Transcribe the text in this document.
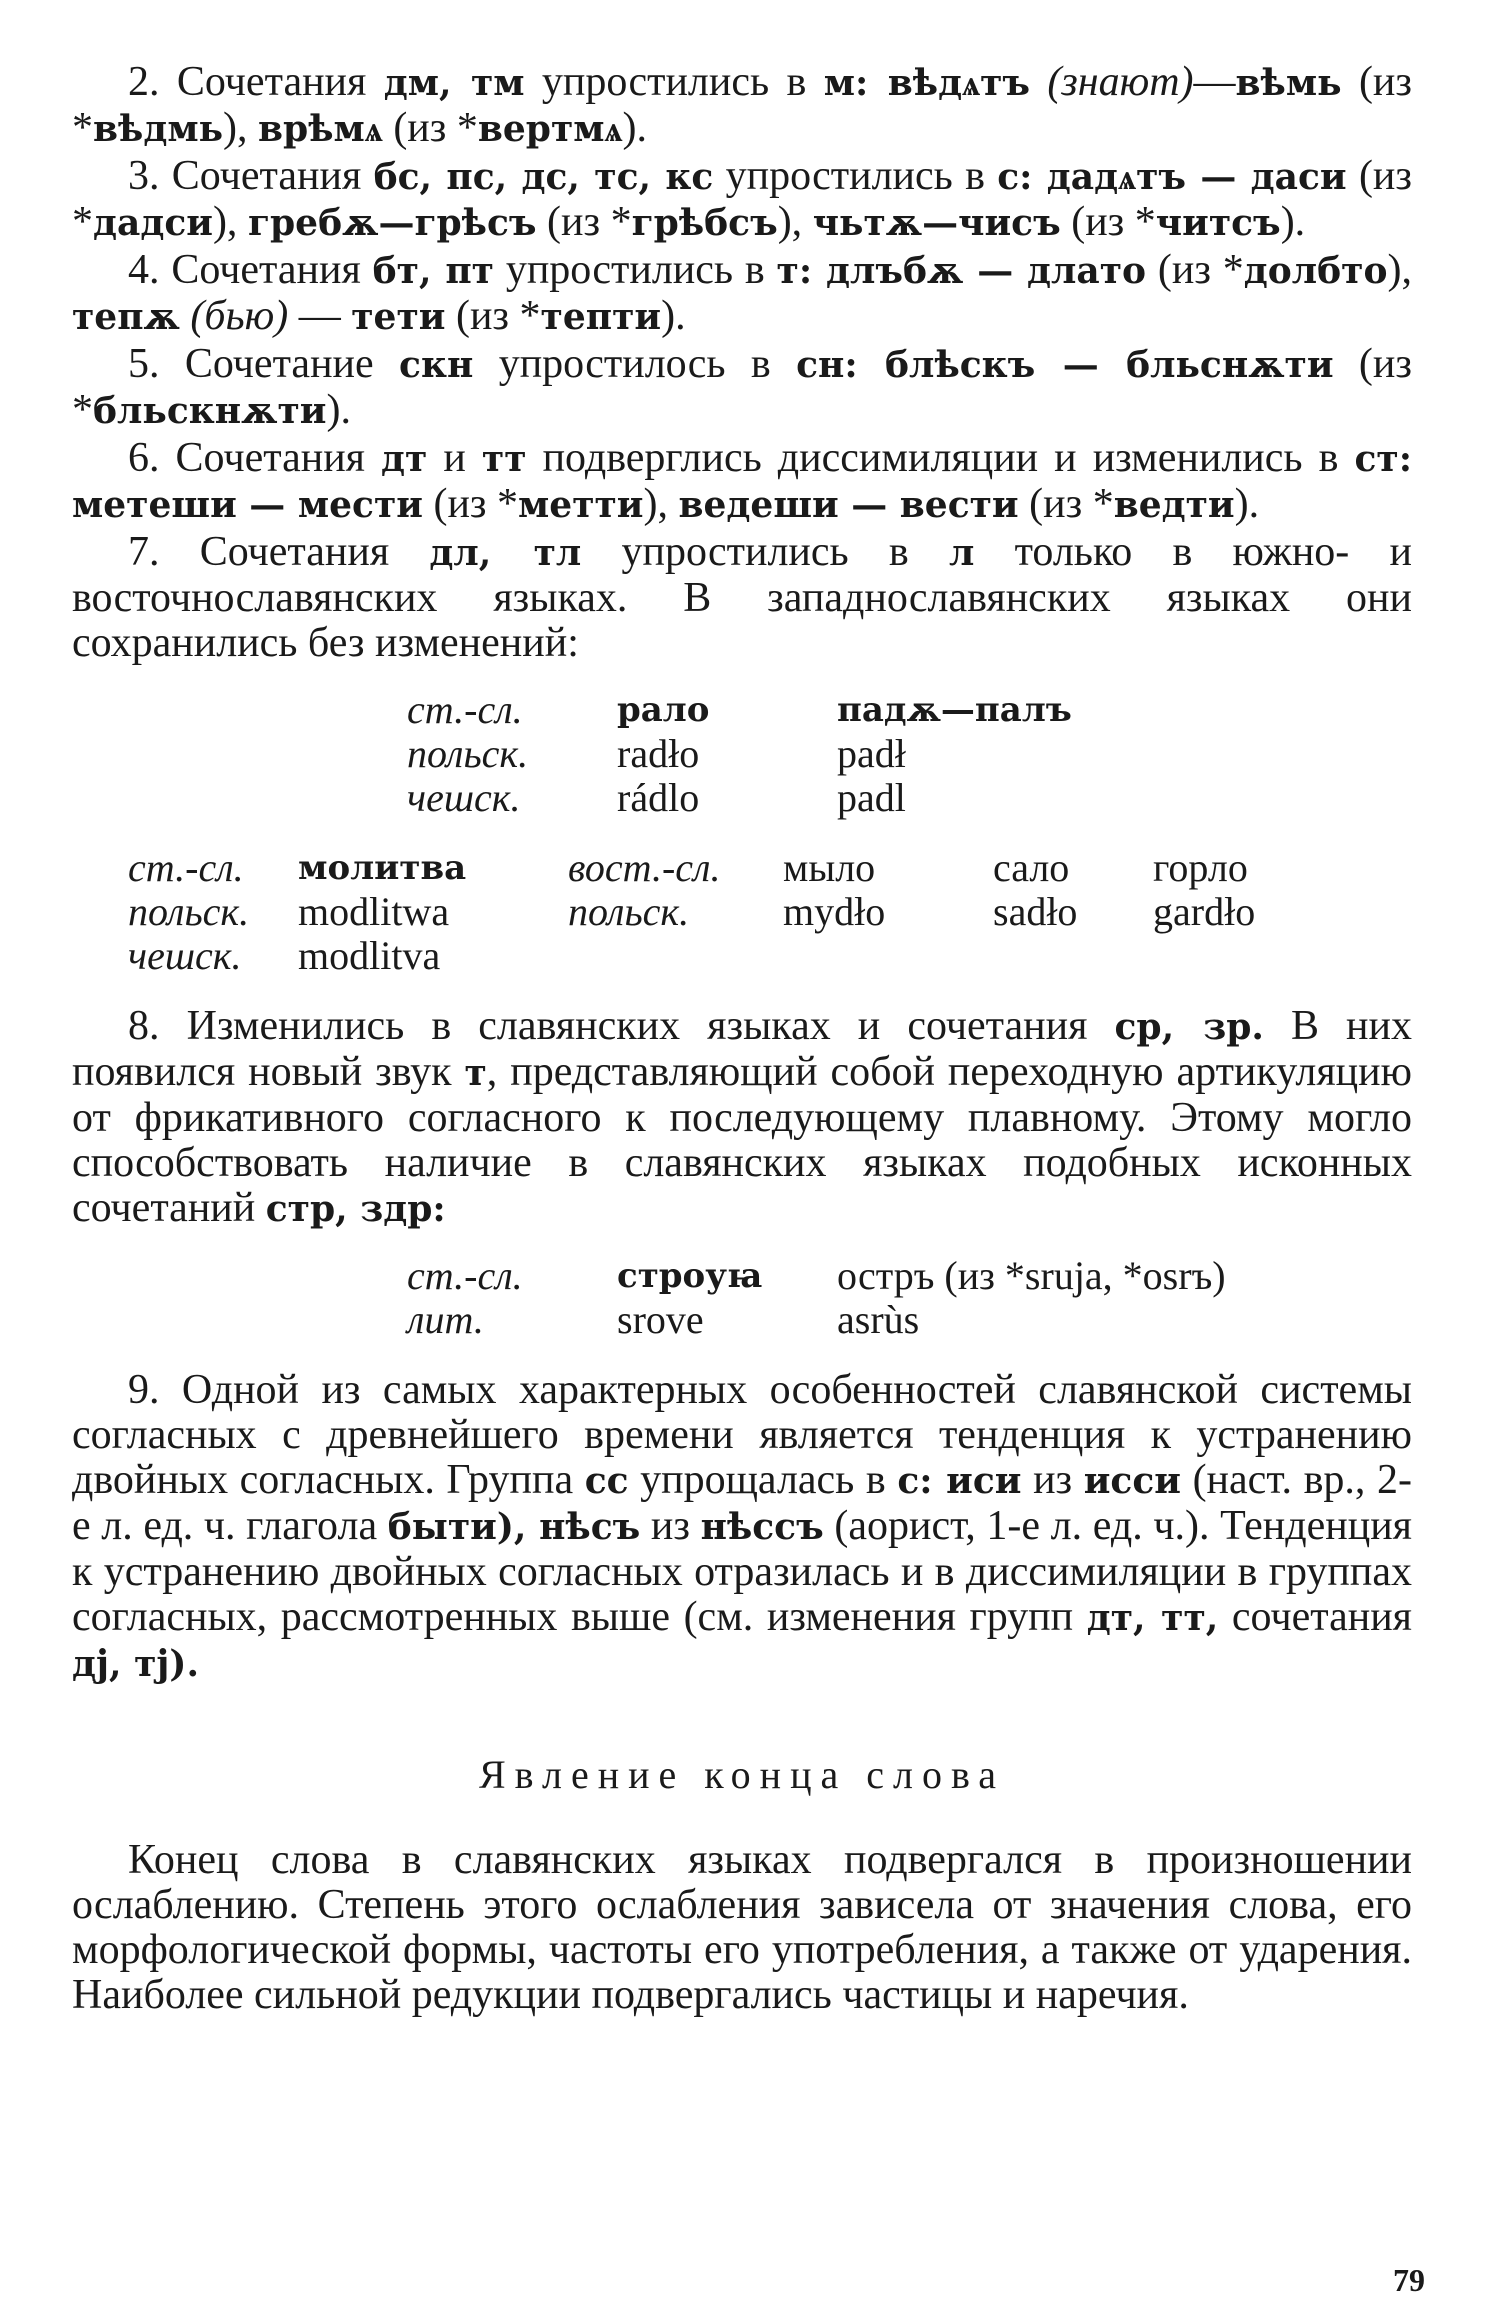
2. Сочетания дм, тм упростились в м: вѣдѧтъ (знают)—вѣмь (из *вѣдмь), врѣмѧ (из *вертмѧ).

3. Сочетания бс, пс, дс, тс, кс упростились в с: дадѧтъ — даси (из *дадси), гребѫ—грѣсъ (из *грѣбсъ), чьтѫ—чисъ (из *читсъ).

4. Сочетания бт, пт упростились в т: длъбѫ — длато (из *долбто), тепѫ (бью) — тети (из *тепти).

5. Сочетание скн упростилось в сн: блѣскъ — бльснѫти (из *бльскнѫти).

6. Сочетания дт и тт подверглись диссимиляции и изменились в ст: метеши — мести (из *метти), ведеши — вести (из *ведти).

7. Сочетания дл, тл упростились в л только в южно- и восточнославянских языках. В западнославянских языках они сохранились без изменений:

ст.-сл.	рало	падѫ—палъ
польск.	radło	padł
чешск.	rádlo	padl
ст.-сл.	молитва	вост.-сл.	мыло	сало	горло
польск.	modlitwa	польск.	mydło	sadło	gardło
чешск.	modlitva

8. Изменились в славянских языках и сочетания ср, зр. В них появился новый звук т, представляющий собой переходную артикуляцию от фрикативного согласного к последующему плавному. Этому могло способствовать наличие в славянских языках подобных исконных сочетаний стр, здр:

ст.-сл.	строуꙗ	остръ (из *sruja, *osrъ)
лит.	srove	asrùs

9. Одной из самых характерных особенностей славянской системы согласных с древнейшего времени является тенденция к устранению двойных согласных. Группа сс упрощалась в с: иси из исси (наст. вр., 2-е л. ед. ч. глагола быти), нѣсъ из нѣссъ (аорист, 1-е л. ед. ч.). Тенденция к устранению двойных согласных отразилась и в диссимиляции в группах согласных, рассмотренных выше (см. изменения групп дт, тт, сочетания дj, тj).

Явление конца слова

Конец слова в славянских языках подвергался в произношении ослаблению. Степень этого ослабления зависела от значения слова, его морфологической формы, частоты его употребления, а также от ударения. Наиболее сильной редукции подвергались частицы и наречия.

79
